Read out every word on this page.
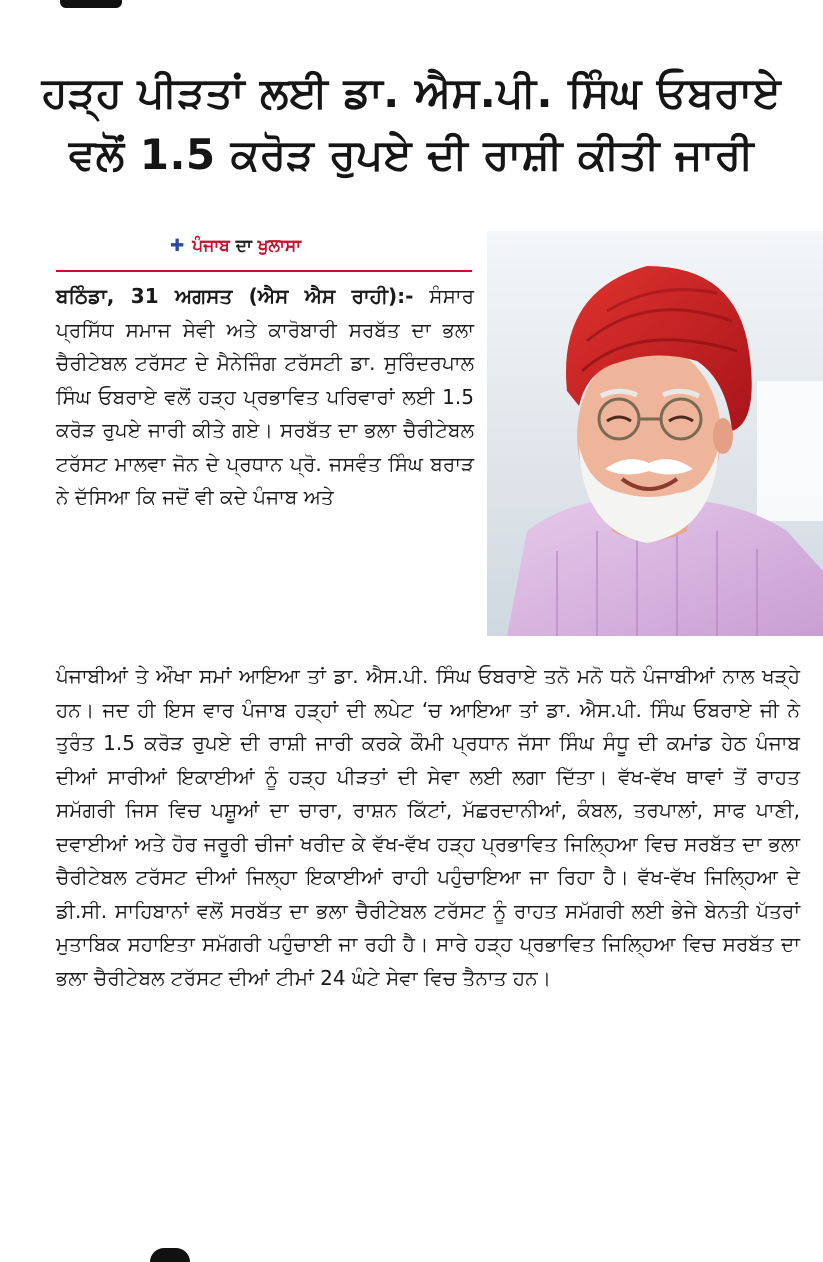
ਹੜ੍ਹ ਪੀੜਤਾਂ ਲਈ ਡਾ. ਐਸ.ਪੀ. ਸਿੰਘ ਓਬਰਾਏ
ਵਲੋਂ 1.5 ਕਰੋੜ ਰੁਪਏ ਦੀ ਰਾਸ਼ੀ ਕੀਤੀ ਜਾਰੀ
✚ ਪੰਜਾਬ ਦਾ ਖੁਲਾਸਾ

ਬਠਿੰਡਾ, 31 ਅਗਸਤ (ਐਸ ਐਸ ਰਾਹੀ):- ਸੰਸਾਰ ਪ੍ਰਸਿੱਧ ਸਮਾਜ ਸੇਵੀ ਅਤੇ ਕਾਰੋਬਾਰੀ ਸਰਬੱਤ ਦਾ ਭਲਾ ਚੈਰੀਟੇਬਲ ਟਰੱਸਟ ਦੇ ਮੈਨੇਜਿੰਗ ਟਰੱਸਟੀ ਡਾ. ਸੁਰਿੰਦਰਪਾਲ ਸਿੰਘ ਓਬਰਾਏ ਵਲੋਂ ਹੜ੍ਹ ਪ੍ਰਭਾਵਿਤ ਪਰਿਵਾਰਾਂ ਲਈ 1.5 ਕਰੋੜ ਰੁਪਏ ਜਾਰੀ ਕੀਤੇ ਗਏ। ਸਰਬੱਤ ਦਾ ਭਲਾ ਚੈਰੀਟੇਬਲ ਟਰੱਸਟ ਮਾਲਵਾ ਜੋਨ ਦੇ ਪ੍ਰਧਾਨ ਪ੍ਰੋ. ਜਸਵੰਤ ਸਿੰਘ ਬਰਾੜ ਨੇ ਦੱਸਿਆ ਕਿ ਜਦੋਂ ਵੀ ਕਦੇ ਪੰਜਾਬ ਅਤੇ

ਪੰਜਾਬੀਆਂ ਤੇ ਔਖਾ ਸਮਾਂ ਆਇਆ ਤਾਂ ਡਾ. ਐਸ.ਪੀ. ਸਿੰਘ ਓਬਰਾਏ ਤਨੋ ਮਨੋ ਧਨੋ ਪੰਜਾਬੀਆਂ ਨਾਲ ਖੜ੍ਹੇ ਹਨ। ਜਦ ਹੀ ਇਸ ਵਾਰ ਪੰਜਾਬ ਹੜ੍ਹਾਂ ਦੀ ਲਪੇਟ ‘ਚ ਆਇਆ ਤਾਂ ਡਾ. ਐਸ.ਪੀ. ਸਿੰਘ ਓਬਰਾਏ ਜੀ ਨੇ ਤੁਰੰਤ 1.5 ਕਰੋੜ ਰੁਪਏ ਦੀ ਰਾਸ਼ੀ ਜਾਰੀ ਕਰਕੇ ਕੌਮੀ ਪ੍ਰਧਾਨ ਜੱਸਾ ਸਿੰਘ ਸੰਧੂ ਦੀ ਕਮਾਂਡ ਹੇਠ ਪੰਜਾਬ ਦੀਆਂ ਸਾਰੀਆਂ ਇਕਾਈਆਂ ਨੂੰ ਹੜ੍ਹ ਪੀੜਤਾਂ ਦੀ ਸੇਵਾ ਲਈ ਲਗਾ ਦਿੱਤਾ। ਵੱਖ-ਵੱਖ ਥਾਵਾਂ ਤੋਂ ਰਾਹਤ ਸਮੱਗਰੀ ਜਿਸ ਵਿਚ ਪਸ਼ੂਆਂ ਦਾ ਚਾਰਾ, ਰਾਸ਼ਨ ਕਿੱਟਾਂ, ਮੱਛਰਦਾਨੀਆਂ, ਕੰਬਲ, ਤਰਪਾਲਾਂ, ਸਾਫ ਪਾਣੀ, ਦਵਾਈਆਂ ਅਤੇ ਹੋਰ ਜਰੂਰੀ ਚੀਜਾਂ ਖਰੀਦ ਕੇ ਵੱਖ-ਵੱਖ ਹੜ੍ਹ ਪ੍ਰਭਾਵਿਤ ਜਿਲ੍ਹਿਆ ਵਿਚ ਸਰਬੱਤ ਦਾ ਭਲਾ ਚੈਰੀਟੇਬਲ ਟਰੱਸਟ ਦੀਆਂ ਜਿਲ੍ਹਾ ਇਕਾਈਆਂ ਰਾਹੀ ਪਹੁੰਚਾਇਆ ਜਾ ਰਿਹਾ ਹੈ। ਵੱਖ-ਵੱਖ ਜਿਲ੍ਹਿਆ ਦੇ ਡੀ.ਸੀ. ਸਾਹਿਬਾਨਾਂ ਵਲੋਂ ਸਰਬੱਤ ਦਾ ਭਲਾ ਚੈਰੀਟੇਬਲ ਟਰੱਸਟ ਨੂੰ ਰਾਹਤ ਸਮੱਗਰੀ ਲਈ ਭੇਜੇ ਬੇਨਤੀ ਪੱਤਰਾਂ ਮੁਤਾਬਿਕ ਸਹਾਇਤਾ ਸਮੱਗਰੀ ਪਹੁੰਚਾਈ ਜਾ ਰਹੀ ਹੈ। ਸਾਰੇ ਹੜ੍ਹ ਪ੍ਰਭਾਵਿਤ ਜਿਲ੍ਹਿਆ ਵਿਚ ਸਰਬੱਤ ਦਾ ਭਲਾ ਚੈਰੀਟੇਬਲ ਟਰੱਸਟ ਦੀਆਂ ਟੀਮਾਂ 24 ਘੰਟੇ ਸੇਵਾ ਵਿਚ ਤੈਨਾਤ ਹਨ।
